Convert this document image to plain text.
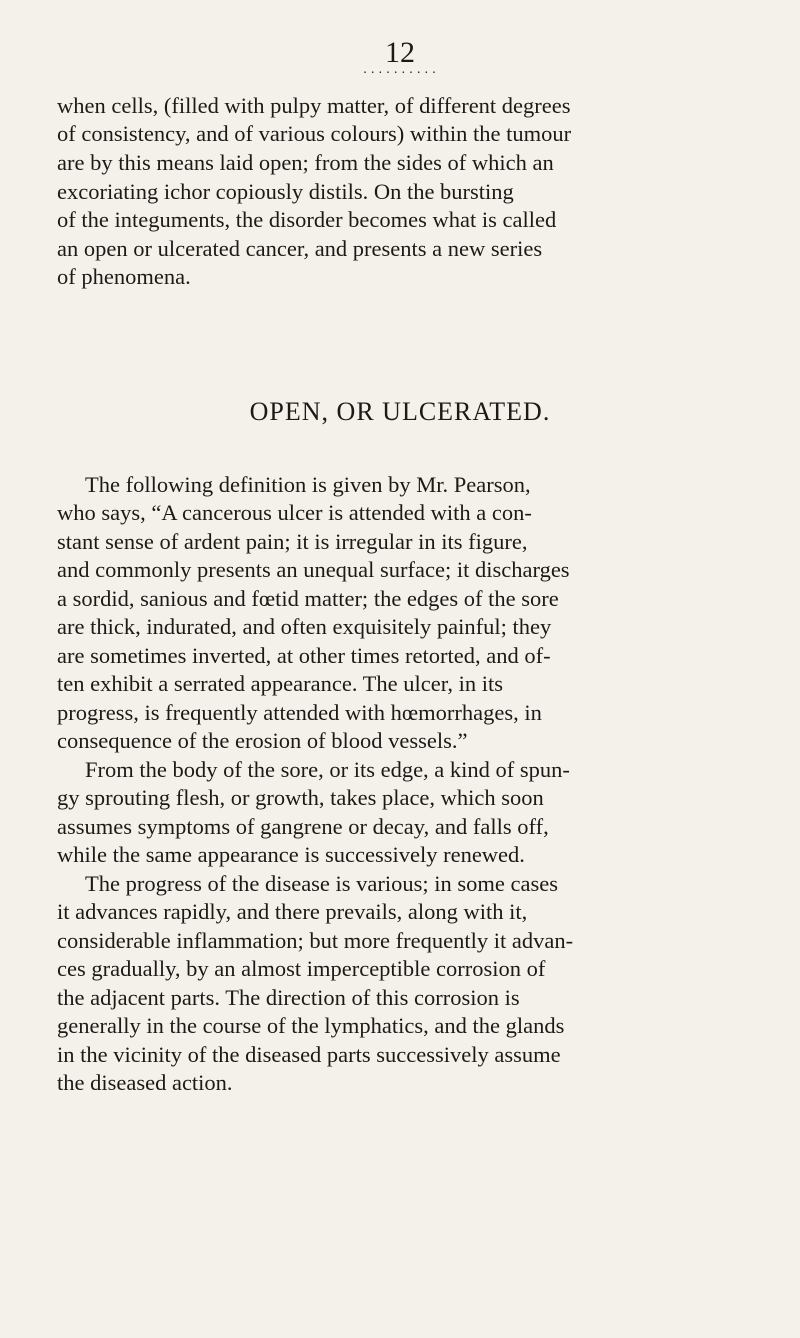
12
··········
when cells, (filled with pulpy matter, of different degrees
of consistency, and of various colours) within the tumour
are by this means laid open; from the sides of which an
excoriating ichor copiously distils. On the bursting
of the integuments, the disorder becomes what is called
an open or ulcerated cancer, and presents a new series
of phenomena.
OPEN, OR ULCERATED.
The following definition is given by Mr. Pearson,
who says, “A cancerous ulcer is attended with a con-
stant sense of ardent pain; it is irregular in its figure,
and commonly presents an unequal surface; it discharges
a sordid, sanious and fœtid matter; the edges of the sore
are thick, indurated, and often exquisitely painful; they
are sometimes inverted, at other times retorted, and of-
ten exhibit a serrated appearance. The ulcer, in its
progress, is frequently attended with hœmorrhages, in
consequence of the erosion of blood vessels.”
From the body of the sore, or its edge, a kind of spun-
gy sprouting flesh, or growth, takes place, which soon
assumes symptoms of gangrene or decay, and falls off,
while the same appearance is successively renewed.
The progress of the disease is various; in some cases
it advances rapidly, and there prevails, along with it,
considerable inflammation; but more frequently it advan-
ces gradually, by an almost imperceptible corrosion of
the adjacent parts. The direction of this corrosion is
generally in the course of the lymphatics, and the glands
in the vicinity of the diseased parts successively assume
the diseased action.
